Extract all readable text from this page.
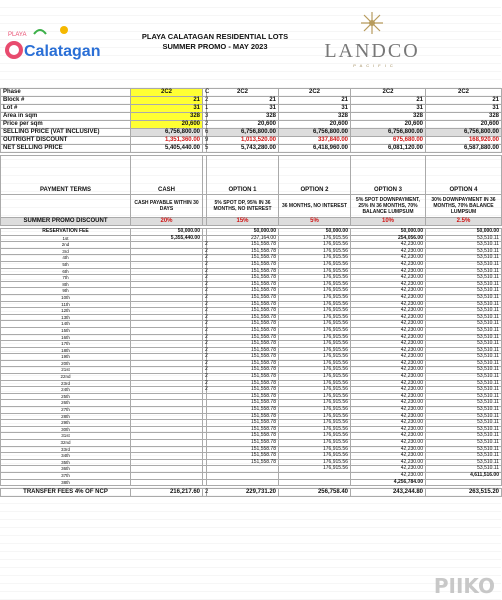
PLAYA
Calatagan
PLAYA CALATAGAN RESIDENTIAL LOTS
SUMMER PROMO - MAY 2023	LANDCO
PACIFIC
Phase	2C2	C	2C2	2C2	2C2	2C2
Block #	21	2	21	21	21	21
Lot #	31	1	31	31	31	31
Area in sqm	328	3	328	328	328	328
Price per sqm	20,600	2	20,600	20,600	20,600	20,600
SELLING PRICE (VAT INCLUSIVE)	6,756,800.00	6	6,756,800.00	6,756,800.00	6,756,800.00	6,756,800.00
OUTRIGHT DISCOUNT	1,351,360.00	9	1,013,520.00	337,840.00	675,680.00	168,920.00
NET SELLING PRICE	5,405,440.00	5	5,743,280.00	6,418,960.00	6,081,120.00	6,587,880.00

PAYMENT TERMS	CASH		OPTION 1	OPTION 2	OPTION 3	OPTION 4
	CASH PAYABLE WITHIN 30 DAYS		5% SPOT DP, 95% IN 36 MONTHS, NO INTEREST	36 MONTHS, NO INTEREST	5% SPOT DOWNPAYMENT, 25% IN 36 MONTHS, 70% BALANCE LUMPSUM	30% DOWNPAYMENT IN 36 MONTHS, 70% BALANCE LUMPSUM
SUMMER PROMO DISCOUNT	20%		15%	5%	10%	2.5%

RESERVATION FEE	50,000.00		50,000.00	50,000.00	50,000.00	50,000.00
1st	5,355,440.00		237,164.00	176,915.56	254,056.00	53,510.11
2nd		2	151,558.78	176,915.56	42,230.00	53,510.11
3rd		2	151,558.78	176,915.56	42,230.00	53,510.11
4th		2	151,558.78	176,915.56	42,230.00	53,510.11
5th		2	151,558.78	176,915.56	42,230.00	53,510.11
6th		2	151,558.78	176,915.56	42,230.00	53,510.11
7th		2	151,558.78	176,915.56	42,230.00	53,510.11
8th		2	151,558.78	176,915.56	42,230.00	53,510.11
9th		2	151,558.78	176,915.56	42,230.00	53,510.11
10th		2	151,558.78	176,915.56	42,230.00	53,510.11
11th		2	151,558.78	176,915.56	42,230.00	53,510.11
12th		2	151,558.78	176,915.56	42,230.00	53,510.11
13th		2	151,558.78	176,915.56	42,230.00	53,510.11
14th		2	151,558.78	176,915.56	42,230.00	53,510.11
15th		2	151,558.78	176,915.56	42,230.00	53,510.11
16th		2	151,558.78	176,915.56	42,230.00	53,510.11
17th		2	151,558.78	176,915.56	42,230.00	53,510.11
18th		2	151,558.78	176,915.56	42,230.00	53,510.11
19th		2	151,558.78	176,915.56	42,230.00	53,510.11
20th		2	151,558.78	176,915.56	42,230.00	53,510.11
21st		2	151,558.78	176,915.56	42,230.00	53,510.11
22nd		2	151,558.78	176,915.56	42,230.00	53,510.11
23rd		2	151,558.78	176,915.56	42,230.00	53,510.11
24th		2	151,558.78	176,915.56	42,230.00	53,510.11
25th			151,558.78	176,915.56	42,230.00	53,510.11
26th			151,558.78	176,915.56	42,230.00	53,510.11
27th			151,558.78	176,915.56	42,230.00	53,510.11
28th			151,558.78	176,915.56	42,230.00	53,510.11
29th			151,558.78	176,915.56	42,230.00	53,510.11
30th			151,558.78	176,915.56	42,230.00	53,510.11
31st			151,558.78	176,915.56	42,230.00	53,510.11
32nd			151,558.78	176,915.56	42,230.00	53,510.11
33rd			151,558.78	176,915.56	42,230.00	53,510.11
34th			151,558.78	176,915.56	42,230.00	53,510.11
35th			151,558.78	176,915.56	42,230.00	53,510.11
36th				176,915.56	42,230.00	53,510.11
37th					42,230.00	4,611,516.00
38th					4,256,784.00	

TRANSFER FEES 4% OF NCP	216,217.60	2	229,731.20	256,758.40	243,244.80	263,515.20
PIIKO
